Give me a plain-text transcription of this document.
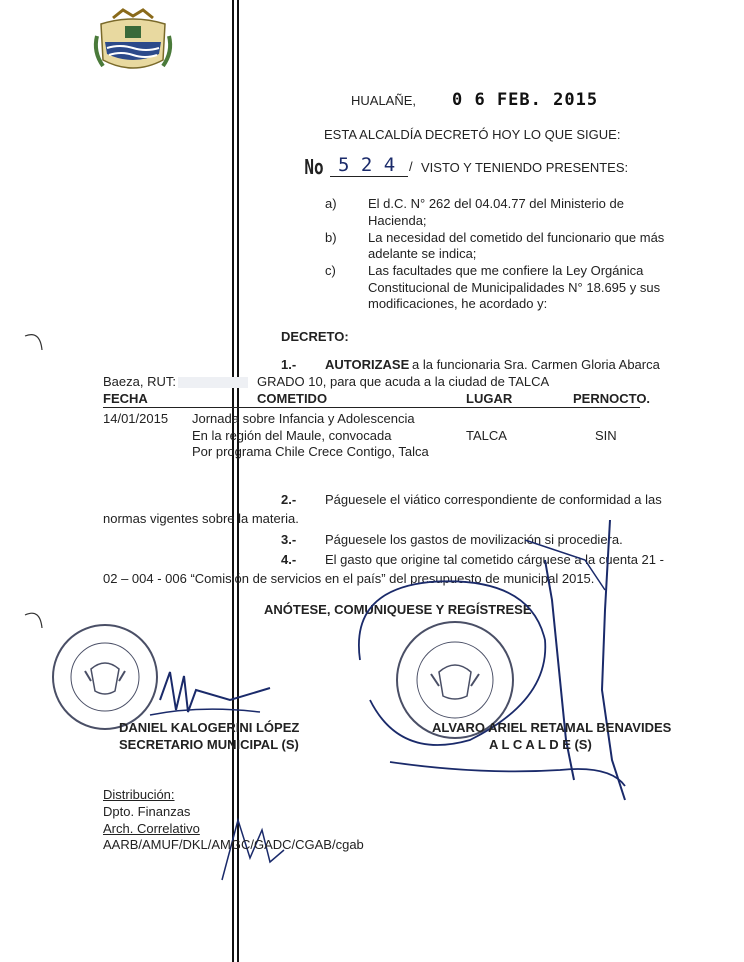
HUALAÑE, 0 6 FEB. 2015
ESTA ALCALDÍA DECRETÓ HOY LO QUE SIGUE:
No 5 2 4 / VISTO Y TENIENDO PRESENTES:
a) El d.C. N° 262 del 04.04.77 del Ministerio de
Hacienda;
b) La necesidad del cometido del funcionario que más
adelante se indica;
c) Las facultades que me confiere la Ley Orgánica
Constitucional de Municipalidades N° 18.695 y sus
modificaciones, he acordado y:
DECRETO:
1.- AUTORIZASE a la funcionaria Sra. Carmen Gloria Abarca
Baeza, RUT:	GRADO 10, para que acuda a la ciudad de TALCA
FECHA	COMETIDO	LUGAR	PERNOCTO.
14/01/2015 Jornada sobre Infancia y Adolescencia
En la región del Maule, convocada
Por programa Chile Crece Contigo, Talca
TALCA	SIN
2.- Páguesele el viático correspondiente de conformidad a las
normas vigentes sobre la materia.
3.- Páguesele los gastos de movilización si procediera.
4.- El gasto que origine tal cometido cárguese a la cuenta 21 -
02 – 004 - 006 “Comisión de servicios en el país” del presupuesto de municipal 2015.
ANÓTESE, COMUNIQUESE Y REGÍSTRESE
DANIEL KALOGERINI LÓPEZ
SECRETARIO MUNICIPAL (S)
ALVARO ARIEL RETAMAL BENAVIDES
A L C A L D E (S)
Distribución:
Dpto. Finanzas
Arch. Correlativo
AARB/AMUF/DKL/AMGC/GADC/CGAB/cgab
